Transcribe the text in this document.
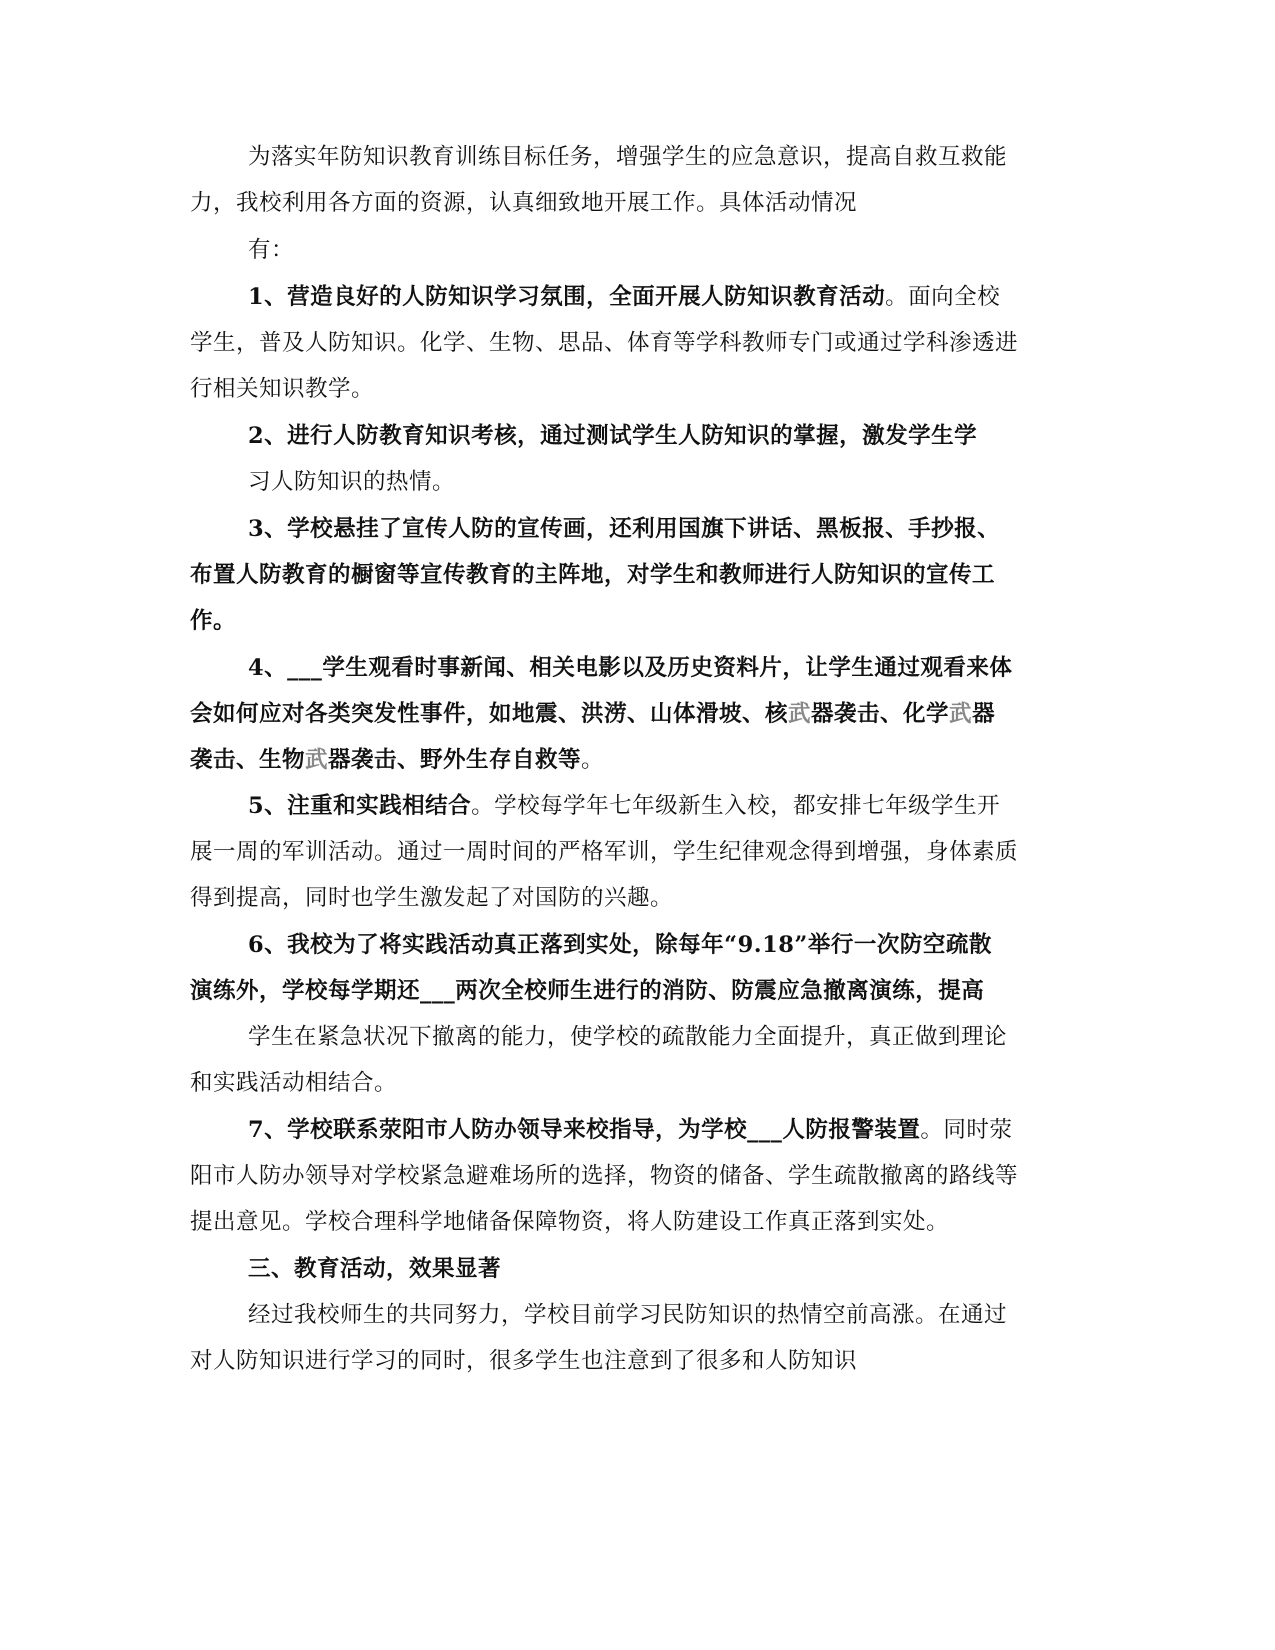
为落实年防知识教育训练目标任务，增强学生的应急意识，提高自救互救能
力，我校利用各方面的资源，认真细致地开展工作。具体活动情况
有：
1、营造良好的人防知识学习氛围，全面开展人防知识教育活动。面向全校
学生，普及人防知识。化学、生物、思品、体育等学科教师专门或通过学科渗透进
行相关知识教学。
2、进行人防教育知识考核，通过测试学生人防知识的掌握，激发学生学
习人防知识的热情。
3、学校悬挂了宣传人防的宣传画，还利用国旗下讲话、黑板报、手抄报、
布置人防教育的橱窗等宣传教育的主阵地，对学生和教师进行人防知识的宣传工
作。
4、___学生观看时事新闻、相关电影以及历史资料片，让学生通过观看来体
会如何应对各类突发性事件，如地震、洪涝、山体滑坡、核武器袭击、化学武器
袭击、生物武器袭击、野外生存自救等。
5、注重和实践相结合。学校每学年七年级新生入校，都安排七年级学生开
展一周的军训活动。通过一周时间的严格军训，学生纪律观念得到增强，身体素质
得到提高，同时也学生激发起了对国防的兴趣。
6、我校为了将实践活动真正落到实处，除每年“9.18”举行一次防空疏散
演练外，学校每学期还___两次全校师生进行的消防、防震应急撤离演练，提高
学生在紧急状况下撤离的能力，使学校的疏散能力全面提升，真正做到理论
和实践活动相结合。
7、学校联系荥阳市人防办领导来校指导，为学校___人防报警装置。同时荥
阳市人防办领导对学校紧急避难场所的选择，物资的储备、学生疏散撤离的路线等
提出意见。学校合理科学地储备保障物资，将人防建设工作真正落到实处。
三、教育活动，效果显著
经过我校师生的共同努力，学校目前学习民防知识的热情空前高涨。在通过
对人防知识进行学习的同时，很多学生也注意到了很多和人防知识
